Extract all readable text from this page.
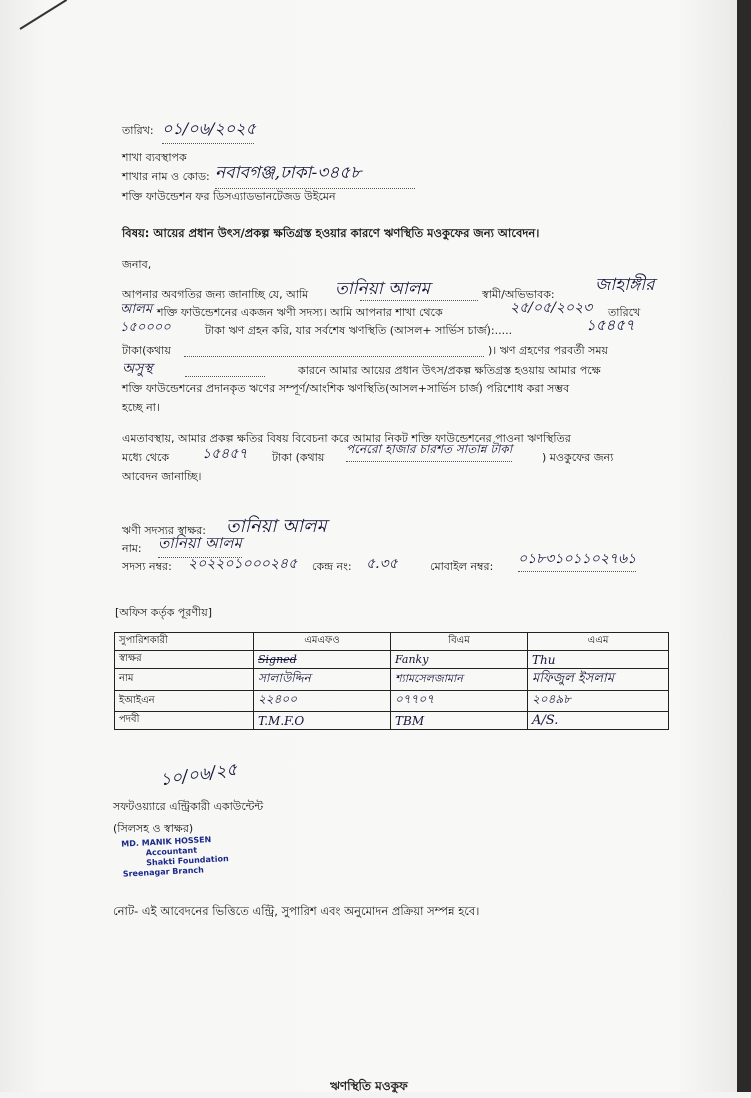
তারিখ: ০১/০৬/২০২৫
শাখা ব্যবস্থাপক
শাখার নাম ও কোড: নবাবগঞ্জ,ঢাকা-৩৪৫৮
শক্তি ফাউন্ডেশন ফর ডিসএ্যাডভানটেজড উইমেন
বিষয়: আয়ের প্রধান উৎস/প্রকল্প ক্ষতিগ্রস্ত হওয়ার কারণে ঋণস্থিতি মওকুফের জন্য আবেদন।
জনাব,
আপনার অবগতির জন্য জানাচ্ছি যে, আমি তানিয়া আলম	স্বামী/অভিভাবক: জাহাঙ্গীর
আলম শক্তি ফাউন্ডেশনের একজন ঋণী সদস্য। আমি আপনার শাখা থেকে	২৫/০৫/২০২৩ তারিখে
১৫০০০০	টাকা ঋণ গ্রহন করি, যার সর্বশেষ ঋণস্থিতি (আসল+ সার্ভিস চার্জ):.....	১৫৪৫৭
টাকা(কথায়	)। ঋণ গ্রহণের পরবর্তী সময়
অসুস্থ	কারনে আমার আয়ের প্রধান উৎস/প্রকল্প ক্ষতিগ্রস্ত হওয়ায় আমার পক্ষে
শক্তি ফাউন্ডেশনের প্রদানকৃত ঋণের সম্পূর্ণ/আংশিক ঋণস্থিতি(আসল+সার্ভিস চার্জ) পরিশোধ করা সম্ভব
হচ্ছে না।
এমতাবস্থায়, আমার প্রকল্প ক্ষতির বিষয় বিবেচনা করে আমার নিকট শক্তি ফাউন্ডেশনের পাওনা ঋণস্থিতির
মধ্যে থেকে ১৫৪৫৭ টাকা (কথায়
পনেরো হাজার চারশত সাতান্ন টাকা
) মওকুফের জন্য
আবেদন জানাচ্ছি।
ঋণী সদস্যর স্বাক্ষর: তানিয়া আলম
নাম: তানিয়া আলম
সদস্য নম্বর: ২০২২০১০০০২৪৫ কেন্দ্র নং: ৫.৩৫	মোবাইল নম্বর: ০১৮৩১০১১০২৭৬১
[অফিস কর্তৃক পূরণীয়]
সুপারিশকারী	এমএফও	বিএম	এএম
স্বাক্ষর	Signed	Fanky	Thu
নাম	সালাউদ্দিন	শ্যামসেলজামান	মফিজুল ইসলাম
ইআইএন	২২৪০০	০৭৭০৭	২০৪৯৮
পদবী	T.M.F.O	TBM	A/S.
১০/০৬/২৫
সফটওয়্যারে এন্ট্রিকারী একাউন্টেন্ট
(সিলসহ ও স্বাক্ষর)
MD. MANIK HOSSEN
Accountant
Shakti Foundation
Sreenagar Branch
নোট- এই আবেদনের ভিত্তিতে এন্ট্রি, সুপারিশ এবং অনুমোদন প্রক্রিয়া সম্পন্ন হবে।
ঋণস্থিতি মওকুফ
